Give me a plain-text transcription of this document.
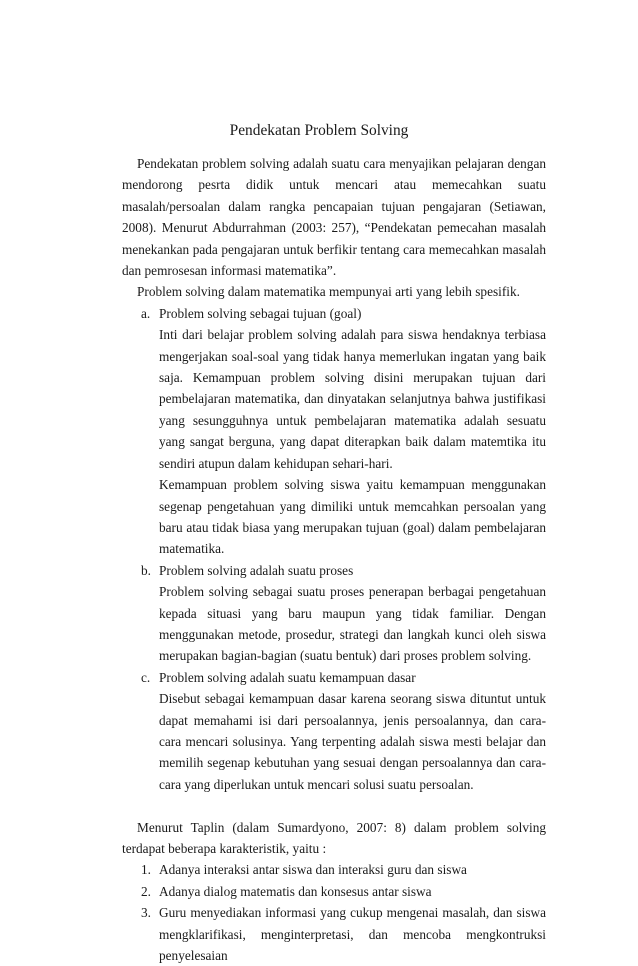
Pendekatan Problem Solving

Pendekatan problem solving adalah suatu cara menyajikan pelajaran dengan mendorong pesrta didik untuk mencari atau memecahkan suatu masalah/persoalan dalam rangka pencapaian tujuan pengajaran (Setiawan, 2008). Menurut Abdurrahman (2003: 257), “Pendekatan pemecahan masalah menekankan pada pengajaran untuk berfikir tentang cara memecahkan masalah dan pemrosesan informasi matematika”.

Problem solving dalam matematika mempunyai arti yang lebih spesifik.

a. Problem solving sebagai tujuan (goal)

Inti dari belajar problem solving adalah para siswa hendaknya terbiasa mengerjakan soal-soal yang tidak hanya memerlukan ingatan yang baik saja. Kemampuan problem solving disini merupakan tujuan dari pembelajaran matematika, dan dinyatakan selanjutnya bahwa justifikasi yang sesungguhnya untuk pembelajaran matematika adalah sesuatu yang sangat berguna, yang dapat diterapkan baik dalam matemtika itu sendiri atupun dalam kehidupan sehari-hari.

Kemampuan problem solving siswa yaitu kemampuan menggunakan segenap pengetahuan yang dimiliki untuk memcahkan persoalan yang baru atau tidak biasa yang merupakan tujuan (goal) dalam pembelajaran matematika.

b. Problem solving adalah suatu proses

Problem solving sebagai suatu proses penerapan berbagai pengetahuan kepada situasi yang baru maupun yang tidak familiar. Dengan menggunakan metode, prosedur, strategi dan langkah kunci oleh siswa merupakan bagian-bagian (suatu bentuk) dari proses problem solving.

c. Problem solving adalah suatu kemampuan dasar

Disebut sebagai kemampuan dasar karena seorang siswa dituntut untuk dapat memahami isi dari persoalannya, jenis persoalannya, dan cara-cara mencari solusinya. Yang terpenting adalah siswa mesti belajar dan memilih segenap kebutuhan yang sesuai dengan persoalannya dan cara-cara yang diperlukan untuk mencari solusi suatu persoalan.

Menurut Taplin (dalam Sumardyono, 2007: 8) dalam problem solving terdapat beberapa karakteristik, yaitu :

1. Adanya interaksi antar siswa dan interaksi guru dan siswa

2. Adanya dialog matematis dan konsesus antar siswa

3. Guru menyediakan informasi yang cukup mengenai masalah, dan siswa mengklarifikasi, menginterpretasi, dan mencoba mengkontruksi penyelesaian
